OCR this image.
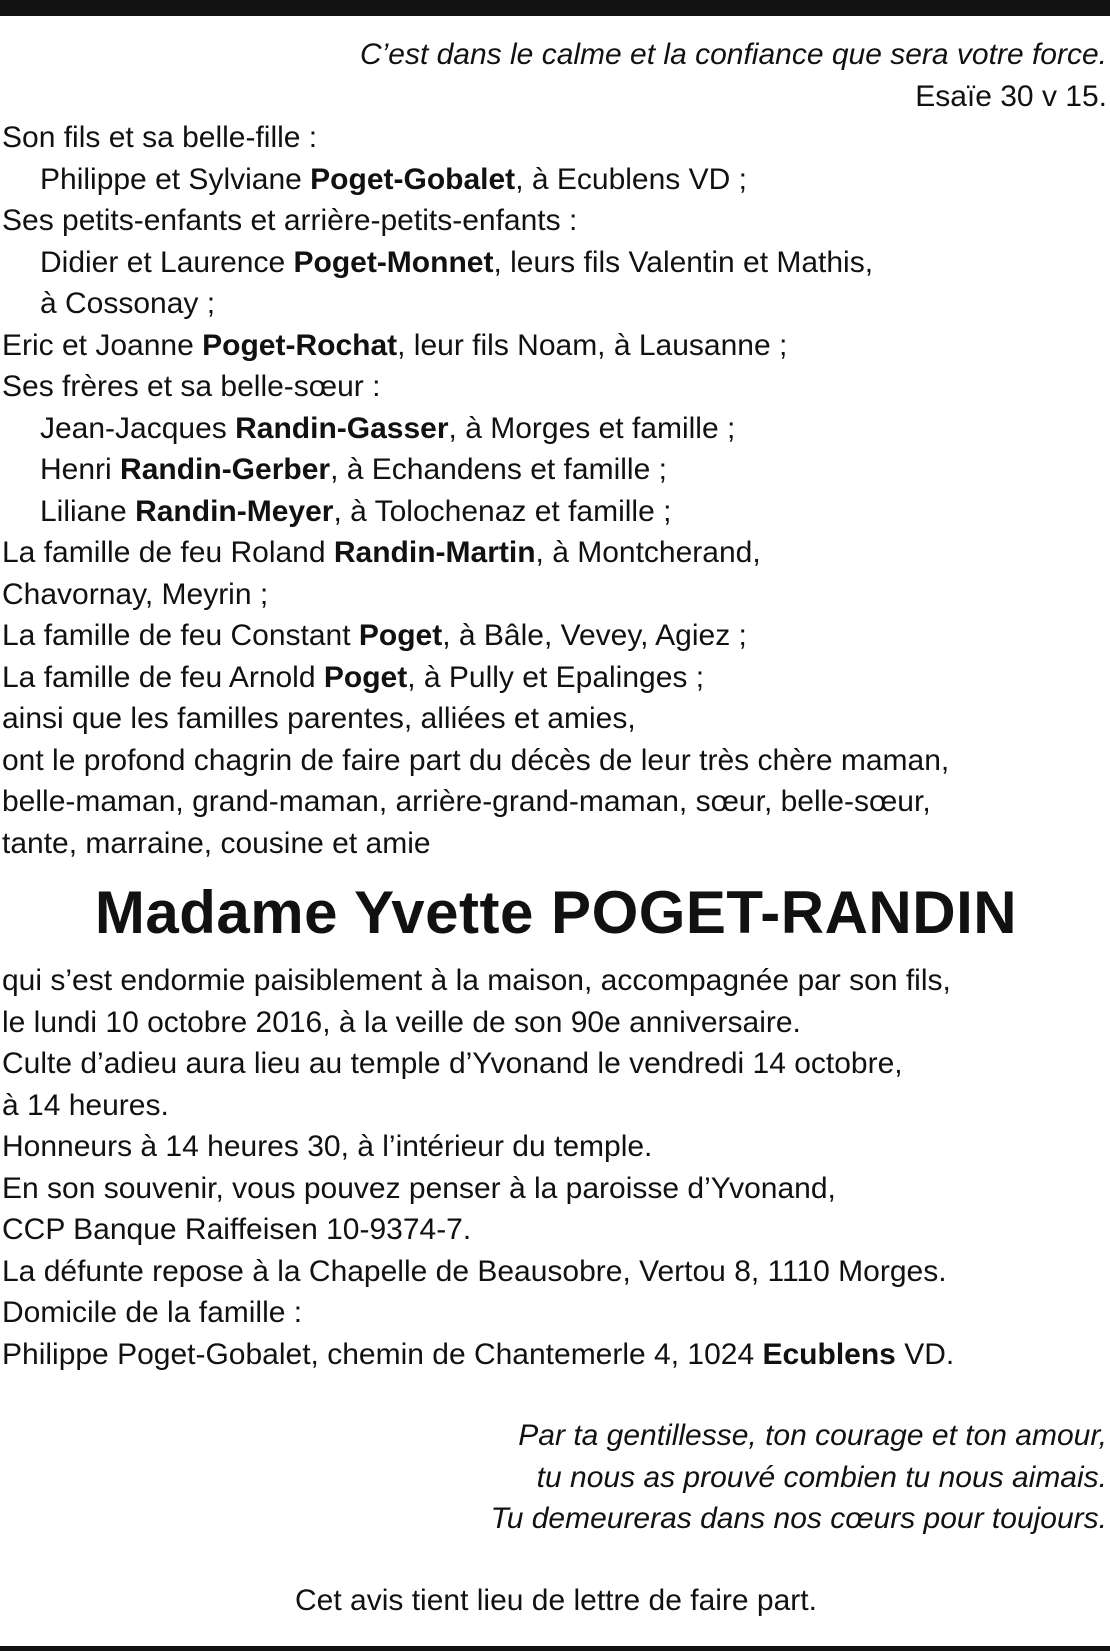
C’est dans le calme et la confiance que sera votre force.
Esaïe 30 v 15.
Son fils et sa belle-fille :
Philippe et Sylviane Poget-Gobalet, à Ecublens VD ;
Ses petits-enfants et arrière-petits-enfants :
Didier et Laurence Poget-Monnet, leurs fils Valentin et Mathis,
à Cossonay ;
Eric et Joanne Poget-Rochat, leur fils Noam, à Lausanne ;
Ses frères et sa belle-sœur :
Jean-Jacques Randin-Gasser, à Morges et famille ;
Henri Randin-Gerber, à Echandens et famille ;
Liliane Randin-Meyer, à Tolochenaz et famille ;
La famille de feu Roland Randin-Martin, à Montcherand,
Chavornay, Meyrin ;
La famille de feu Constant Poget, à Bâle, Vevey, Agiez ;
La famille de feu Arnold Poget, à Pully et Epalinges ;
ainsi que les familles parentes, alliées et amies,
ont le profond chagrin de faire part du décès de leur très chère maman,
belle-maman, grand-maman, arrière-grand-maman, sœur, belle-sœur,
tante, marraine, cousine et amie
Madame Yvette POGET-RANDIN
qui s’est endormie paisiblement à la maison, accompagnée par son fils,
le lundi 10 octobre 2016, à la veille de son 90e anniversaire.
Culte d’adieu aura lieu au temple d’Yvonand le vendredi 14 octobre,
à 14 heures.
Honneurs à 14 heures 30, à l’intérieur du temple.
En son souvenir, vous pouvez penser à la paroisse d’Yvonand,
CCP Banque Raiffeisen 10-9374-7.
La défunte repose à la Chapelle de Beausobre, Vertou 8, 1110 Morges.
Domicile de la famille :
Philippe Poget-Gobalet, chemin de Chantemerle 4, 1024 Ecublens VD.
Par ta gentillesse, ton courage et ton amour,
tu nous as prouvé combien tu nous aimais.
Tu demeureras dans nos cœurs pour toujours.
Cet avis tient lieu de lettre de faire part.
